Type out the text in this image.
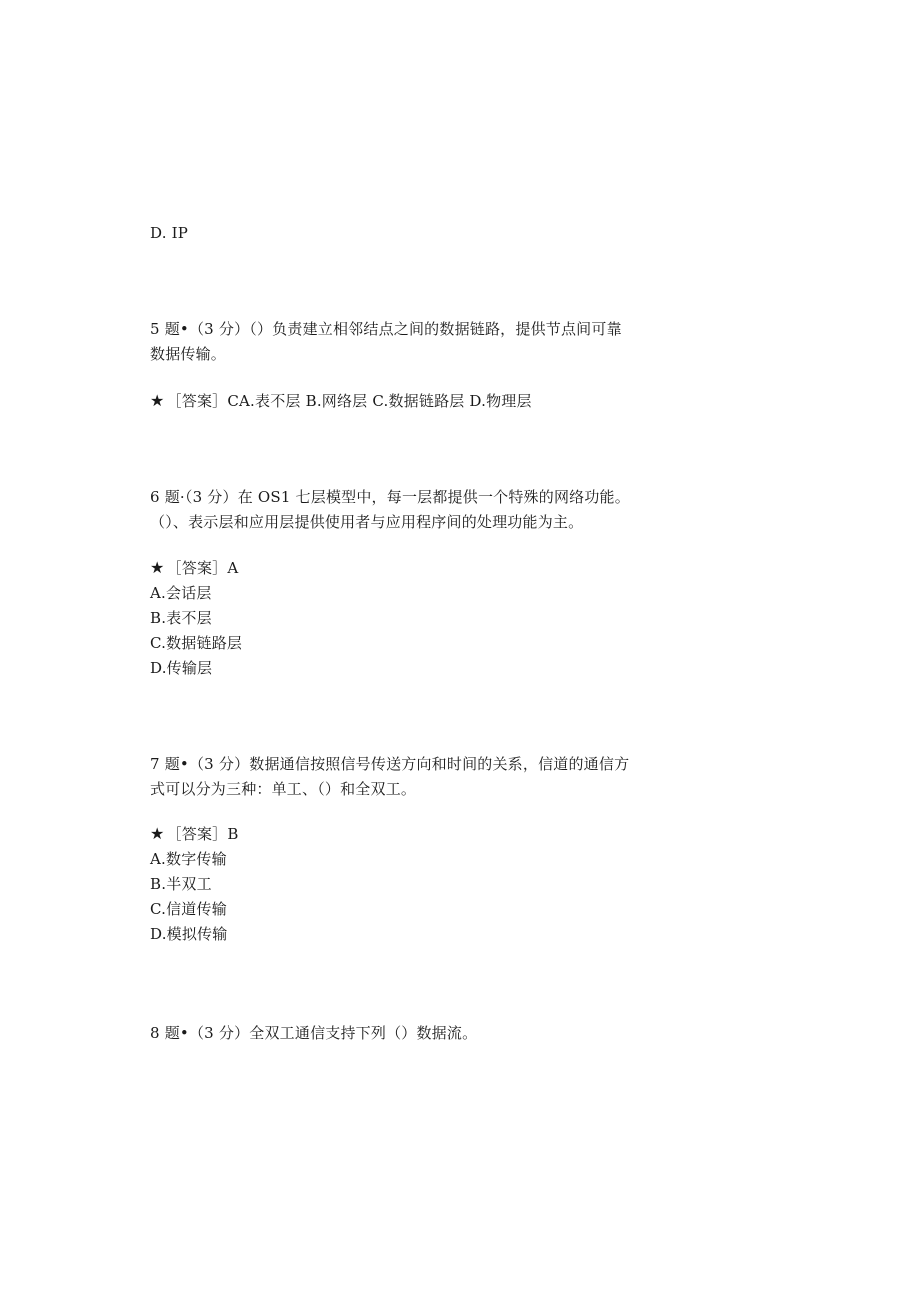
D. IP
5 题•（3 分）（）负责建立相邻结点之间的数据链路，提供节点间可靠
数据传输。
★ ［答案］CA.表不层 B.网络层 C.数据链路层 D.物理层
6 题·（3 分）在 OS1 七层模型中，每一层都提供一个特殊的网络功能。
（）、表示层和应用层提供使用者与应用程序间的处理功能为主。
★ ［答案］A
A.会话层
B.表不层
C.数据链路层
D.传输层
7 题•（3 分）数据通信按照信号传送方向和时间的关系，信道的通信方
式可以分为三种：单工、（）和全双工。
★ ［答案］B
A.数字传输
B.半双工
C.信道传输
D.模拟传输
8 题•（3 分）全双工通信支持下列（）数据流。
